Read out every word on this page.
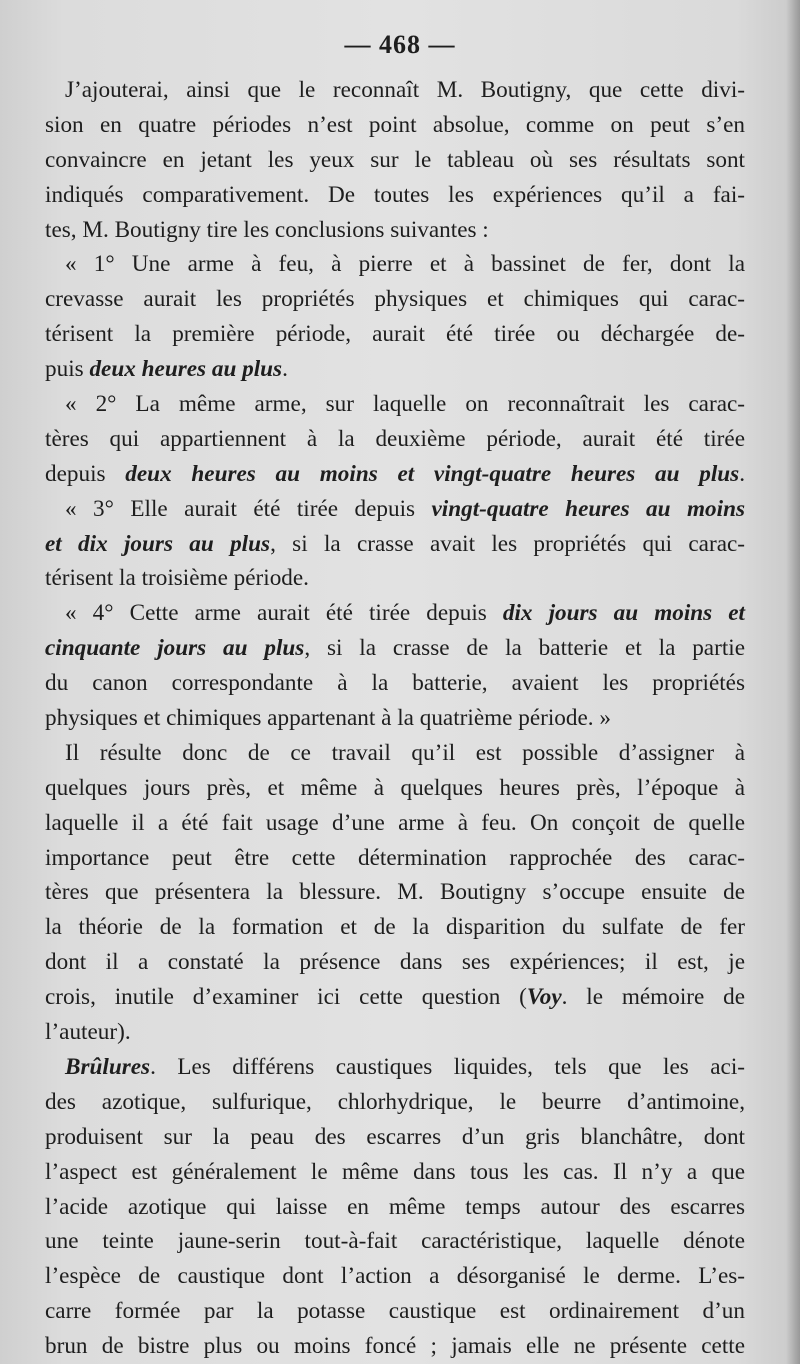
— 468 —
J’ajouterai, ainsi que le reconnaît M. Boutigny, que cette divi-
sion en quatre périodes n’est point absolue, comme on peut s’en
convaincre en jetant les yeux sur le tableau où ses résultats sont
indiqués comparativement. De toutes les expériences qu’il a fai-
tes, M. Boutigny tire les conclusions suivantes :
« 1° Une arme à feu, à pierre et à bassinet de fer, dont la
crevasse aurait les propriétés physiques et chimiques qui carac-
térisent la première période, aurait été tirée ou déchargée de-
puis deux heures au plus.
« 2° La même arme, sur laquelle on reconnaîtrait les carac-
tères qui appartiennent à la deuxième période, aurait été tirée
depuis deux heures au moins et vingt-quatre heures au plus.
« 3° Elle aurait été tirée depuis vingt-quatre heures au moins
et dix jours au plus, si la crasse avait les propriétés qui carac-
térisent la troisième période.
« 4° Cette arme aurait été tirée depuis dix jours au moins et
cinquante jours au plus, si la crasse de la batterie et la partie
du canon correspondante à la batterie, avaient les propriétés
physiques et chimiques appartenant à la quatrième période. »
Il résulte donc de ce travail qu’il est possible d’assigner à
quelques jours près, et même à quelques heures près, l’époque à
laquelle il a été fait usage d’une arme à feu. On conçoit de quelle
importance peut être cette détermination rapprochée des carac-
tères que présentera la blessure. M. Boutigny s’occupe ensuite de
la théorie de la formation et de la disparition du sulfate de fer
dont il a constaté la présence dans ses expériences; il est, je
crois, inutile d’examiner ici cette question (Voy. le mémoire de
l’auteur).
Brûlures. Les différens caustiques liquides, tels que les aci-
des azotique, sulfurique, chlorhydrique, le beurre d’antimoine,
produisent sur la peau des escarres d’un gris blanchâtre, dont
l’aspect est généralement le même dans tous les cas. Il n’y a que
l’acide azotique qui laisse en même temps autour des escarres
une teinte jaune-serin tout-à-fait caractéristique, laquelle dénote
l’espèce de caustique dont l’action a désorganisé le derme. L’es-
carre formée par la potasse caustique est ordinairement d’un
brun de bistre plus ou moins foncé ; jamais elle ne présente cette
